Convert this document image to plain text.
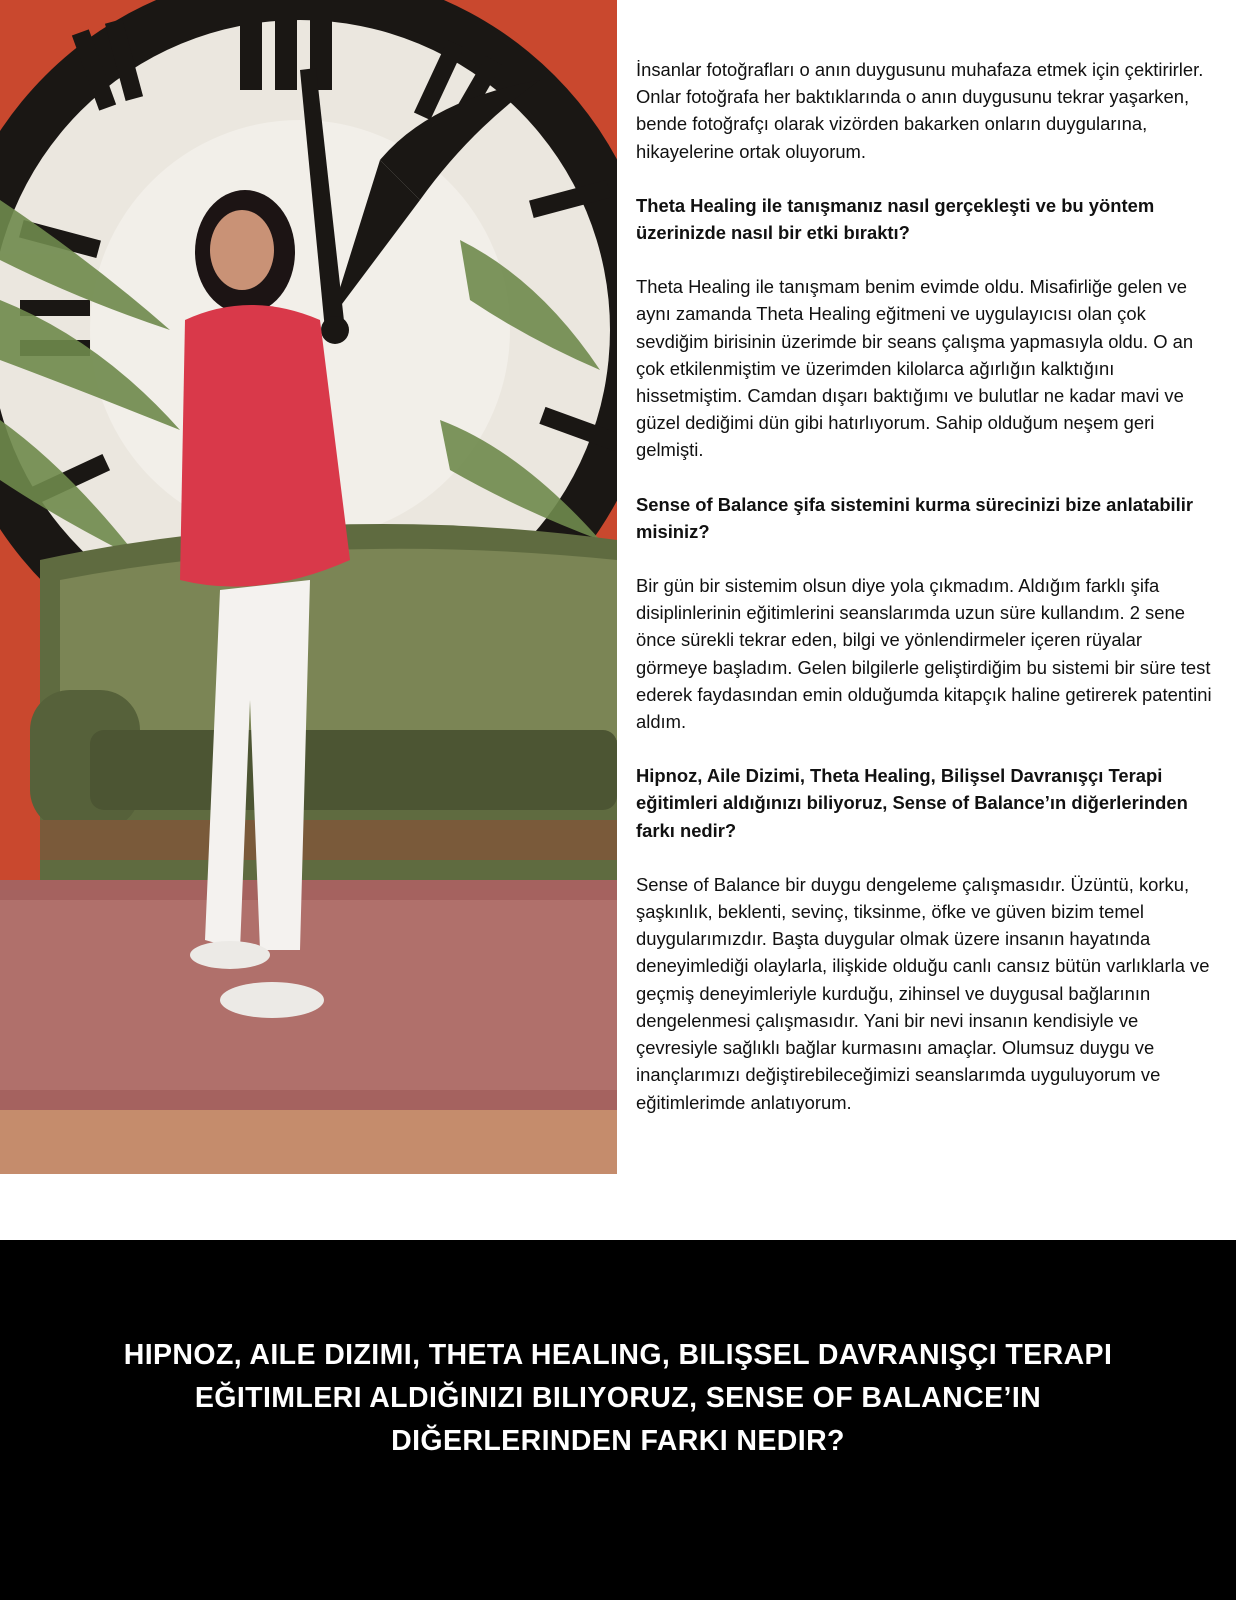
İnsanlar fotoğrafları o anın duygusunu muhafaza etmek için çektirirler. Onlar fotoğrafa her baktıklarında o anın duygusunu tekrar yaşarken, bende fotoğrafçı olarak vizörden bakarken onların duygularına, hikayelerine ortak oluyorum.

Theta Healing ile tanışmanız nasıl gerçekleşti ve bu yöntem üzerinizde nasıl bir etki bıraktı?

Theta Healing ile tanışmam benim evimde oldu. Misafirliğe gelen ve aynı zamanda Theta Healing eğitmeni ve uygulayıcısı olan çok sevdiğim birisinin üzerimde bir seans çalışma yapmasıyla oldu. O an çok etkilenmiştim ve üzerimden kilolarca ağırlığın kalktığını hissetmiştim. Camdan dışarı baktığımı ve bulutlar ne kadar mavi ve güzel dediğimi dün gibi hatırlıyorum. Sahip olduğum neşem geri gelmişti.

Sense of Balance şifa sistemini kurma sürecinizi bize anlatabilir misiniz?

Bir gün bir sistemim olsun diye yola çıkmadım. Aldığım farklı şifa disiplinlerinin eğitimlerini seanslarımda uzun süre kullandım. 2 sene önce sürekli tekrar eden, bilgi ve yönlendirmeler içeren rüyalar görmeye başladım. Gelen bilgilerle geliştirdiğim bu sistemi bir süre test ederek faydasından emin olduğumda kitapçık haline getirerek patentini aldım.

Hipnoz, Aile Dizimi, Theta Healing, Bilişsel Davranışçı Terapi eğitimleri aldığınızı biliyoruz, Sense of Balance’ın diğerlerinden farkı nedir?

Sense of Balance bir duygu dengeleme çalışmasıdır. Üzüntü, korku, şaşkınlık, beklenti, sevinç, tiksinme, öfke ve güven bizim temel duygularımızdır. Başta duygular olmak üzere insanın hayatında deneyimlediği olaylarla, ilişkide olduğu canlı cansız bütün varlıklarla ve geçmiş deneyimleriyle kurduğu, zihinsel ve duygusal bağlarının dengelenmesi çalışmasıdır. Yani bir nevi insanın kendisiyle ve çevresiyle sağlıklı bağlar kurmasını amaçlar. Olumsuz duygu ve inançlarımızı değiştirebileceğimizi seanslarımda uyguluyorum ve eğitimlerimde anlatıyorum.

HIPNOZ, AILE DIZIMI, THETA HEALING, BILIŞSEL DAVRANIŞÇI TERAPI EĞITIMLERI ALDIĞINIZI BILIYORUZ, SENSE OF BALANCE’IN DIĞERLERINDEN FARKI NEDIR?
